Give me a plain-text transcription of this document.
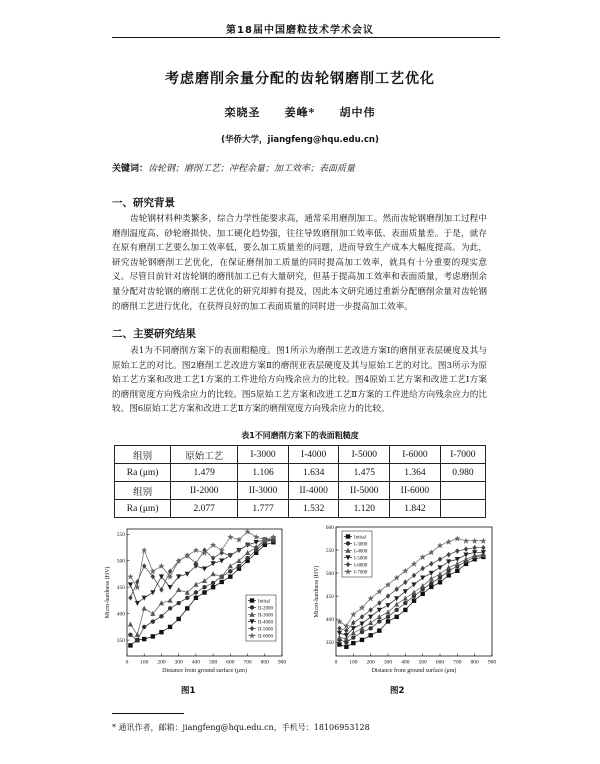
第18届中国磨粒技术学术会议
考虑磨削余量分配的齿轮钢磨削工艺优化
栾晓圣 姜峰* 胡中伟
(华侨大学，jiangfeng@hqu.edu.cn)
关键词：齿轮钢；磨削工艺；冲程余量；加工效率；表面质量
一、研究背景
齿轮钢材料种类繁多，综合力学性能要求高，通常采用磨削加工。然而齿轮钢磨削加工过程中磨削温度高、砂轮磨损快、加工硬化趋势强，往往导致磨削加工效率低、表面质量差。于是，就存在原有磨削工艺要么加工效率低，要么加工质量差的问题，进而导致生产成本大幅度提高。为此，研究齿轮钢磨削工艺优化，在保证磨削加工质量的同时提高加工效率，就具有十分重要的现实意义。尽管目前针对齿轮钢的磨削加工已有大量研究，但基于提高加工效率和表面质量，考虑磨削余量分配对齿轮钢的磨削工艺优化的研究却鲜有提及，因此本文研究通过重新分配磨削余量对齿轮钢的磨削工艺进行优化，在获得良好的加工表面质量的同时进一步提高加工效率。
二、主要研究结果
表1为不同磨削方案下的表面粗糙度。图1所示为磨削工艺改进方案Ⅰ的磨削亚表层硬度及其与原始工艺的对比。图2磨削工艺改进方案Ⅱ的磨削亚表层硬度及其与原始工艺的对比。图3所示为原始工艺方案和改进工艺1方案的工件进给方向残余应力的比较。图4原始工艺方案和改进工艺Ⅰ方案的磨削宽度方向残余应力的比较。图5原始工艺方案和改进工艺Ⅱ方案的工件进给方向残余应力的比较。图6原始工艺方案和改进工艺Ⅱ方案的磨削宽度方向残余应力的比较。
表1不同磨削方案下的表面粗糙度
组别	原始工艺	I-3000	I-4000	I-5000	I-6000	I-7000
Ra (μm)	1.479	1.106	1.634	1.475	1.364	0.980
组别	II-2000	II-3000	II-4000	II-5000	II-6000	
Ra (μm)	2.077	1.777	1.532	1.120	1.842	
0 100 200 300 400 500 600 700 800 900
350
400
450
500
550
Distance from ground surface (μm)
Micro-hardness (HV)	Initial
II-2000
II-3000
II-4000
II-5000
II-6000
0 100 200 300 400 500 600 700 800 900
350
400
450
500
550
600
Distance from ground surface (μm)
Micro-hardness (HV)
Initial
I-3000
I-4000
I-5000
I-6000
I-7000
图1	图2
* 通讯作者，邮箱：jiangfeng@hqu.edu.cn，手机号：18106953128
